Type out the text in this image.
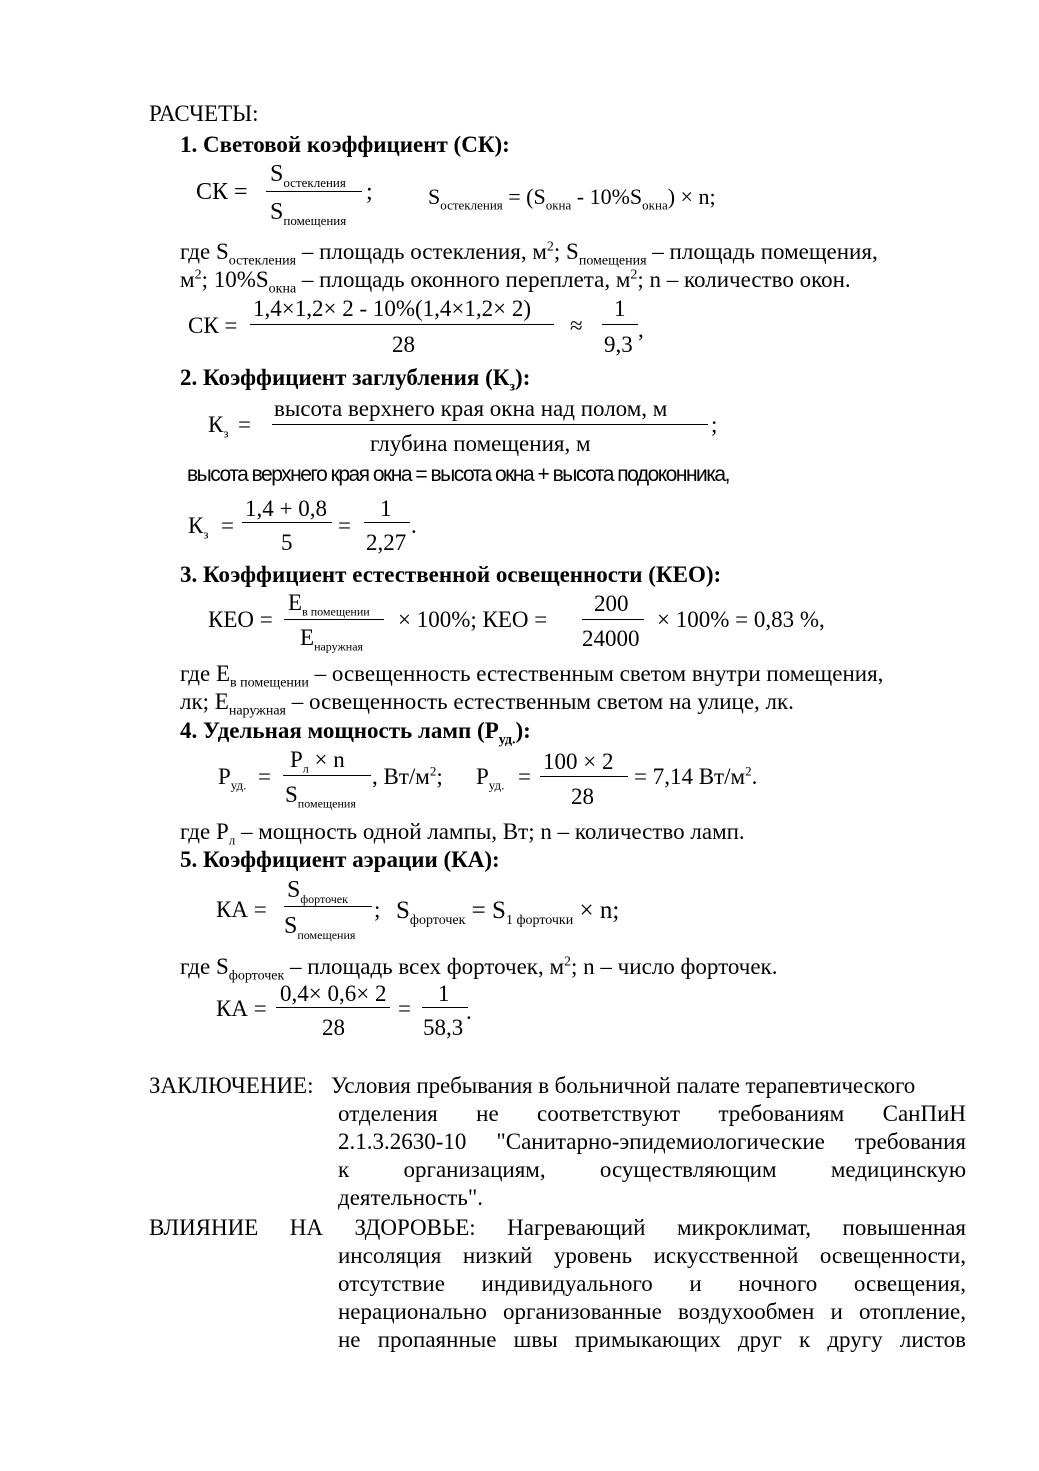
РАСЧЕТЫ:
1. Световой коэффициент (СК):
СК =
$S_{остекления}$
$S_{помещения}$
;	$S_{остекления} = (S_{окна} - 10\%S_{окна}) \times n$;
где $S_{остекления}$ – площадь остекления, $м^2$; $S_{помещения}$ – площадь помещения,
$м^2$; $10\%S_{окна}$ – площадь оконного переплета, $м^2$; n – количество окон.
СК =
1,4×1,2× 2 - 10%(1,4×1,2× 2)
28
≈
1
9,3
,
2. Коэффициент заглубления $(К_з)$:
$К_з$ =
высота верхнего края окна над полом, м
глубина помещения, м
;
высота верхнего края окна = высота окна + высота подоконника,
$К_з$ =
1,4 + 0,8
5
=
1
2,27
.
3. Коэффициент естественной освещенности (КЕО):
КЕО =
$Е_{в помещении}$
$Е_{наружная}$
× 100%; КЕО =
200
24000
× 100% = 0,83 %,
где $Е_{в помещении}$ – освещенность естественным светом внутри помещения,
лк; $Е_{наружная}$ – освещенность естественным светом на улице, лк.
4. Удельная мощность ламп $(Р_{уд.})$:
$Р_{уд.}$ =
$Р_л \times n$
$S_{помещения}$
, $Вт/м^2$; $Р_{уд.}$ =
100 × 2
28
= 7,14 $Вт/м^2$.
где $Р_л$ – мощность одной лампы, Вт; n – количество ламп.
5. Коэффициент аэрации (КА):
КА =
$S_{форточек}$
$S_{помещения}$
; $S_{форточек} = S_{1 форточки} \times n$;
где $S_{форточек}$ – площадь всех форточек, $м^2$; n – число форточек.
КА =
0,4× 0,6× 2
28
=
1
58,3
.
ЗАКЛЮЧЕНИЕ: Условия пребывания в больничной палате терапевтического
отделения не соответствуют требованиям СанПиН
2.1.3.2630-10 "Санитарно-эпидемиологические требования
к организациям, осуществляющим медицинскую
деятельность".
ВЛИЯНИЕ НА ЗДОРОВЬЕ: Нагревающий микроклимат, повышенная
инсоляция низкий уровень искусственной освещенности,
отсутствие индивидуального и ночного освещения,
нерационально организованные воздухообмен и отопление,
не пропаянные швы примыкающих друг к другу листов
